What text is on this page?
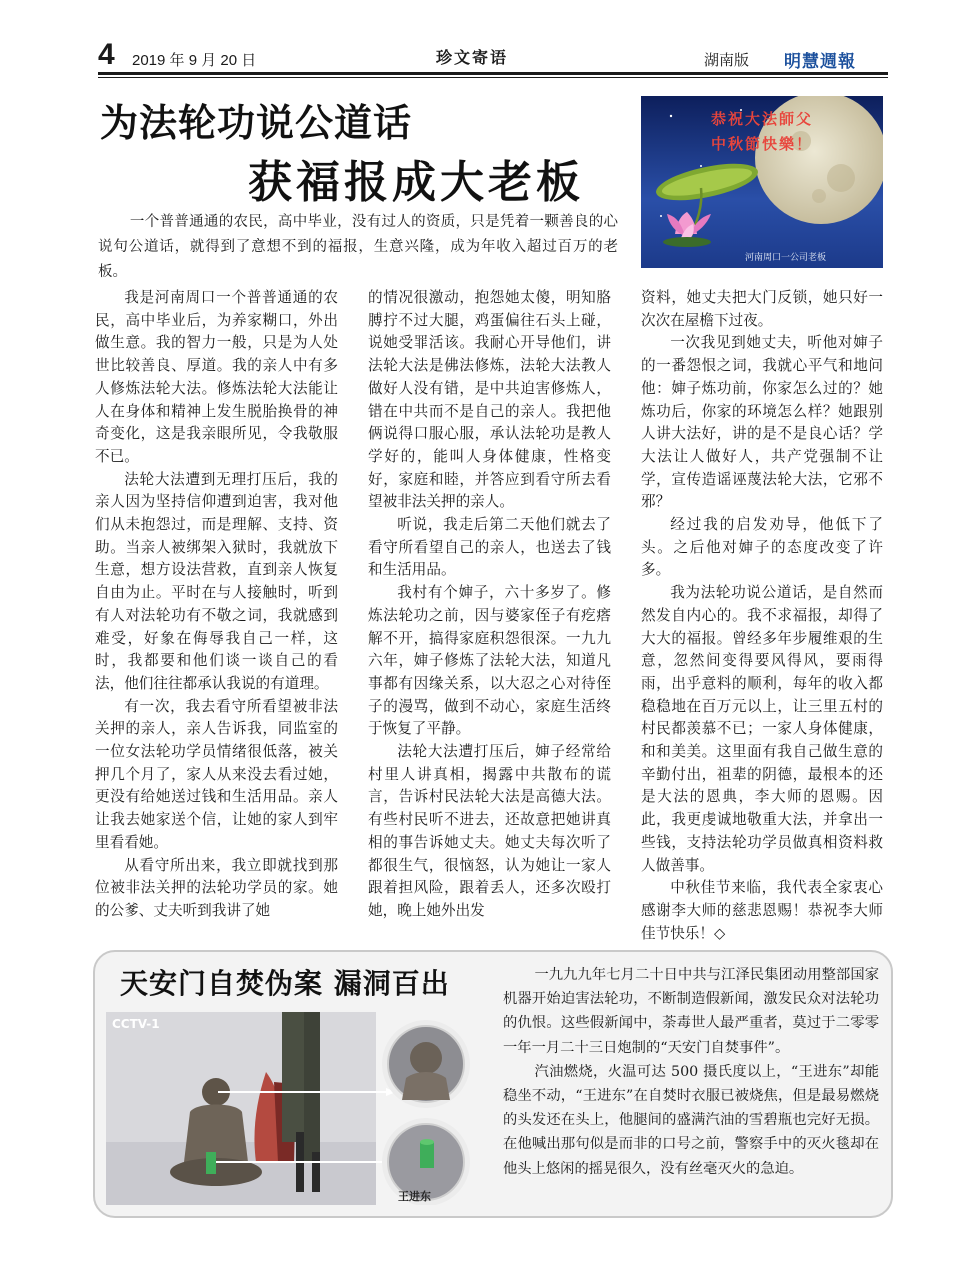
4 2019 年 9 月 20 日	珍文寄语	湖南版 明慧週報
为法轮功说公道话
获福报成大老板
一个普普通通的农民，高中毕业，没有过人的资质，只是凭着一颗善良的心说句公道话，就得到了意想不到的福报，生意兴隆，成为年收入超过百万的老板。
恭祝大法師父
中秋節快樂！
河南周口一公司老板

我是河南周口一个普普通通的农民，高中毕业后，为养家糊口，外出做生意。我的智力一般，只是为人处世比较善良、厚道。我的亲人中有多人修炼法轮大法。修炼法轮大法能让人在身体和精神上发生脱胎换骨的神奇变化，这是我亲眼所见，令我敬服不已。

法轮大法遭到无理打压后，我的亲人因为坚持信仰遭到迫害，我对他们从未抱怨过，而是理解、支持、资助。当亲人被绑架入狱时，我就放下生意，想方设法营救，直到亲人恢复自由为止。平时在与人接触时，听到有人对法轮功有不敬之词，我就感到难受，好象在侮辱我自己一样，这时，我都要和他们谈一谈自己的看法，他们往往都承认我说的有道理。

有一次，我去看守所看望被非法关押的亲人，亲人告诉我，同监室的一位女法轮功学员情绪很低落，被关押几个月了，家人从来没去看过她，更没有给她送过钱和生活用品。亲人让我去她家送个信，让她的家人到牢里看看她。

从看守所出来，我立即就找到那位被非法关押的法轮功学员的家。她的公爹、丈夫听到我讲了她

的情况很激动，抱怨她太傻，明知胳膊拧不过大腿，鸡蛋偏往石头上碰，说她受罪活该。我耐心开导他们，讲法轮大法是佛法修炼，法轮大法教人做好人没有错，是中共迫害修炼人，错在中共而不是自己的亲人。我把他俩说得口服心服，承认法轮功是教人学好的，能叫人身体健康，性格变好，家庭和睦，并答应到看守所去看望被非法关押的亲人。

听说，我走后第二天他们就去了看守所看望自己的亲人，也送去了钱和生活用品。

我村有个婶子，六十多岁了。修炼法轮功之前，因与婆家侄子有疙瘩解不开，搞得家庭积怨很深。一九九六年，婶子修炼了法轮大法，知道凡事都有因缘关系，以大忍之心对待侄子的漫骂，做到不动心，家庭生活终于恢复了平静。

法轮大法遭打压后，婶子经常给村里人讲真相，揭露中共散布的谎言，告诉村民法轮大法是高德大法。有些村民听不进去，还故意把她讲真相的事告诉她丈夫。她丈夫每次听了都很生气，很恼怒，认为她让一家人跟着担风险，跟着丢人，还多次殴打她，晚上她外出发

资料，她丈夫把大门反锁，她只好一次次在屋檐下过夜。

一次我见到她丈夫，听他对婶子的一番怨恨之词，我就心平气和地问他：婶子炼功前，你家怎么过的？她炼功后，你家的环境怎么样？她跟别人讲大法好，讲的是不是良心话？学大法让人做好人，共产党强制不让学，宣传造谣诬蔑法轮大法，它邪不邪？

经过我的启发劝导，他低下了头。之后他对婶子的态度改变了许多。

我为法轮功说公道话，是自然而然发自内心的。我不求福报，却得了大大的福报。曾经多年步履维艰的生意，忽然间变得要风得风，要雨得雨，出乎意料的顺利，每年的收入都稳稳地在百万元以上，让三里五村的村民都羡慕不已；一家人身体健康，和和美美。这里面有我自己做生意的辛勤付出，祖辈的阴德，最根本的还是大法的恩典，李大师的恩赐。因此，我更虔诚地敬重大法，并拿出一些钱，支持法轮功学员做真相资料救人做善事。

中秋佳节来临，我代表全家衷心感谢李大师的慈悲恩赐！恭祝李大师佳节快乐！◇

天安门自焚伪案 漏洞百出	一九九九年七月二十日中共与江泽民集团动用整部国家机器开始迫害法轮功，不断制造假新闻，激发民众对法轮功的仇恨。这些假新闻中，荼毒世人最严重者，莫过于二零零一年一月二十三日炮制的“天安门自焚事件”。

汽油燃烧，火温可达 500 摄氏度以上，“王进东”却能稳坐不动，“王进东”在自焚时衣服已被烧焦，但是最易燃烧的头发还在头上，他腿间的盛满汽油的雪碧瓶也完好无损。在他喊出那句似是而非的口号之前，警察手中的灭火毯却在他头上悠闲的摇晃很久，没有丝毫灭火的急迫。

CCTV-1
王进东
